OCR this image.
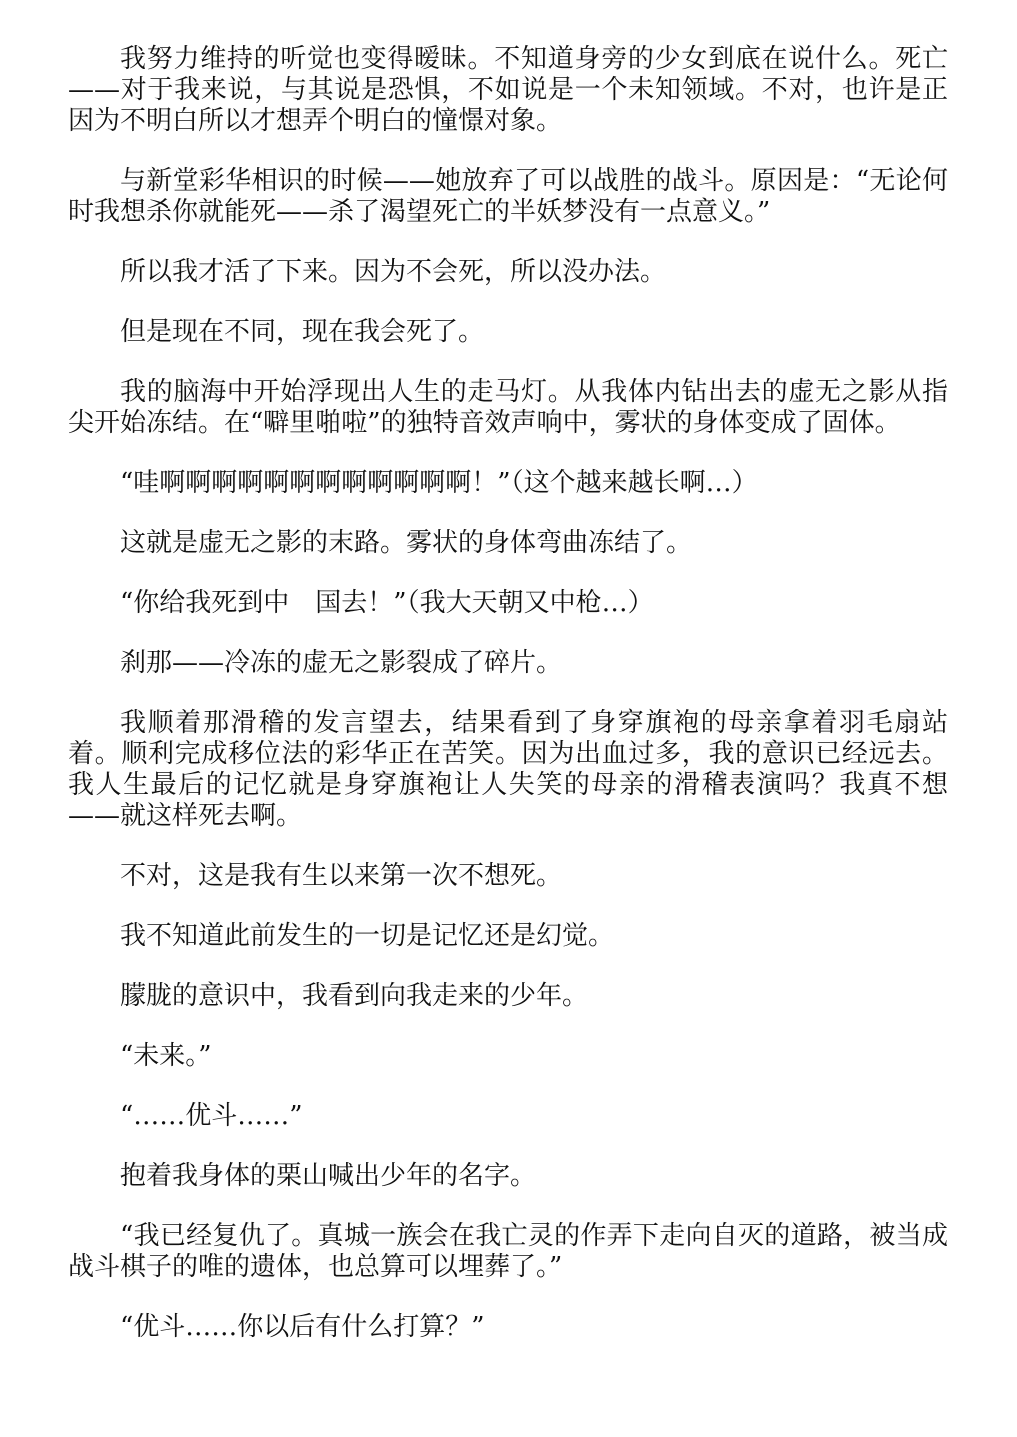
我努力维持的听觉也变得暧昧。不知道身旁的少女到底在说什么。死亡——对于我来说，与其说是恐惧，不如说是一个未知领域。不对，也许是正因为不明白所以才想弄个明白的憧憬对象。

与新堂彩华相识的时候——她放弃了可以战胜的战斗。原因是：“无论何时我想杀你就能死——杀了渴望死亡的半妖梦没有一点意义。”

所以我才活了下来。因为不会死，所以没办法。

但是现在不同，现在我会死了。

我的脑海中开始浮现出人生的走马灯。从我体内钻出去的虚无之影从指尖开始冻结。在“噼里啪啦”的独特音效声响中，雾状的身体变成了固体。

“哇啊啊啊啊啊啊啊啊啊啊啊啊！”（这个越来越长啊…）

这就是虚无之影的末路。雾状的身体弯曲冻结了。

“你给我死到中　国去！”（我大天朝又中枪…）

刹那——冷冻的虚无之影裂成了碎片。

我顺着那滑稽的发言望去，结果看到了身穿旗袍的母亲拿着羽毛扇站着。顺利完成移位法的彩华正在苦笑。因为出血过多，我的意识已经远去。我人生最后的记忆就是身穿旗袍让人失笑的母亲的滑稽表演吗？我真不想——就这样死去啊。

不对，这是我有生以来第一次不想死。

我不知道此前发生的一切是记忆还是幻觉。

朦胧的意识中，我看到向我走来的少年。

“未来。”

“……优斗……”

抱着我身体的栗山喊出少年的名字。

“我已经复仇了。真城一族会在我亡灵的作弄下走向自灭的道路，被当成战斗棋子的唯的遗体，也总算可以埋葬了。”

“优斗……你以后有什么打算？”
